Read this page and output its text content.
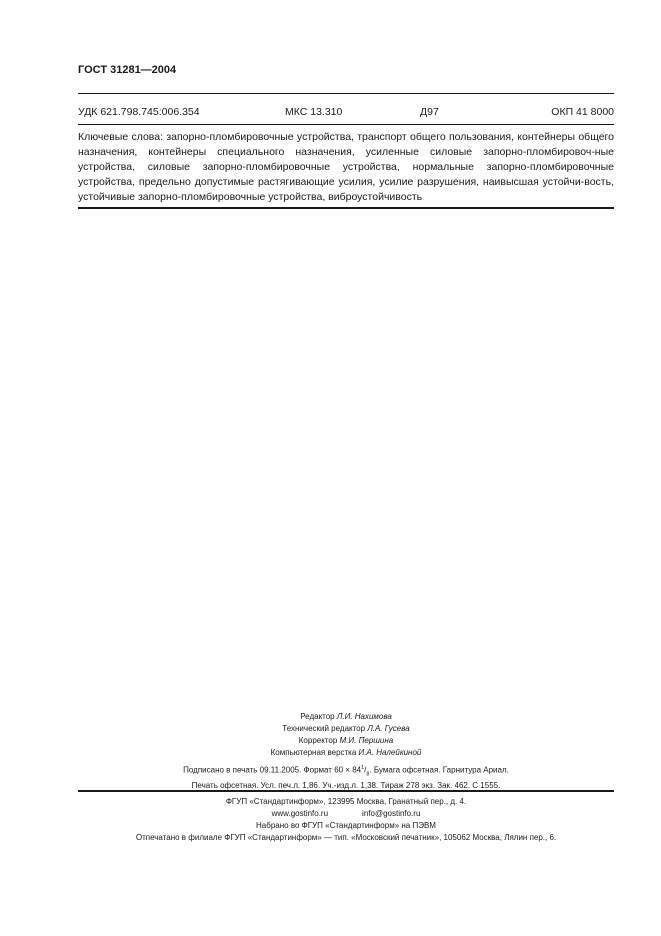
ГОСТ 31281—2004
УДК 621.798.745:006.354	МКС 13.310	Д97	ОКП 41 8000
Ключевые слова: запорно-пломбировочные устройства, транспорт общего пользования, контейнеры общего назначения, контейнеры специального назначения, усиленные силовые запорно-пломбировоч-ные устройства, силовые запорно-пломбировочные устройства, нормальные запорно-пломбировочные устройства, предельно допустимые растягивающие усилия, усилие разрушения, наивысшая устойчи-вость, устойчивые запорно-пломбировочные устройства, виброустойчивость
Редактор Л.И. Нахимова
Технический редактор Л.А. Гусева
Корректор М.И. Першина
Компьютерная верстка И.А. Налейкиной
Подписано в печать 09.11.2005. Формат $60 \times 84^1/_8$. Бумага офсетная. Гарнитура Ариал.
Печать офсетная. Усл. печ.л. 1,86. Уч.-изд.л. 1,38. Тираж 278 экз. Зак. 462. С 1555.
ФГУП «Стандартинформ», 123995 Москва, Гранатный пер., д. 4.
www.gostinfo.ru	info@gostinfo.ru
Набрано во ФГУП «Стандартинформ» на ПЭВМ
Отпечатано в филиале ФГУП «Стандартинформ» — тип. «Московский печатник», 105062 Москва, Лялин пер., 6.
